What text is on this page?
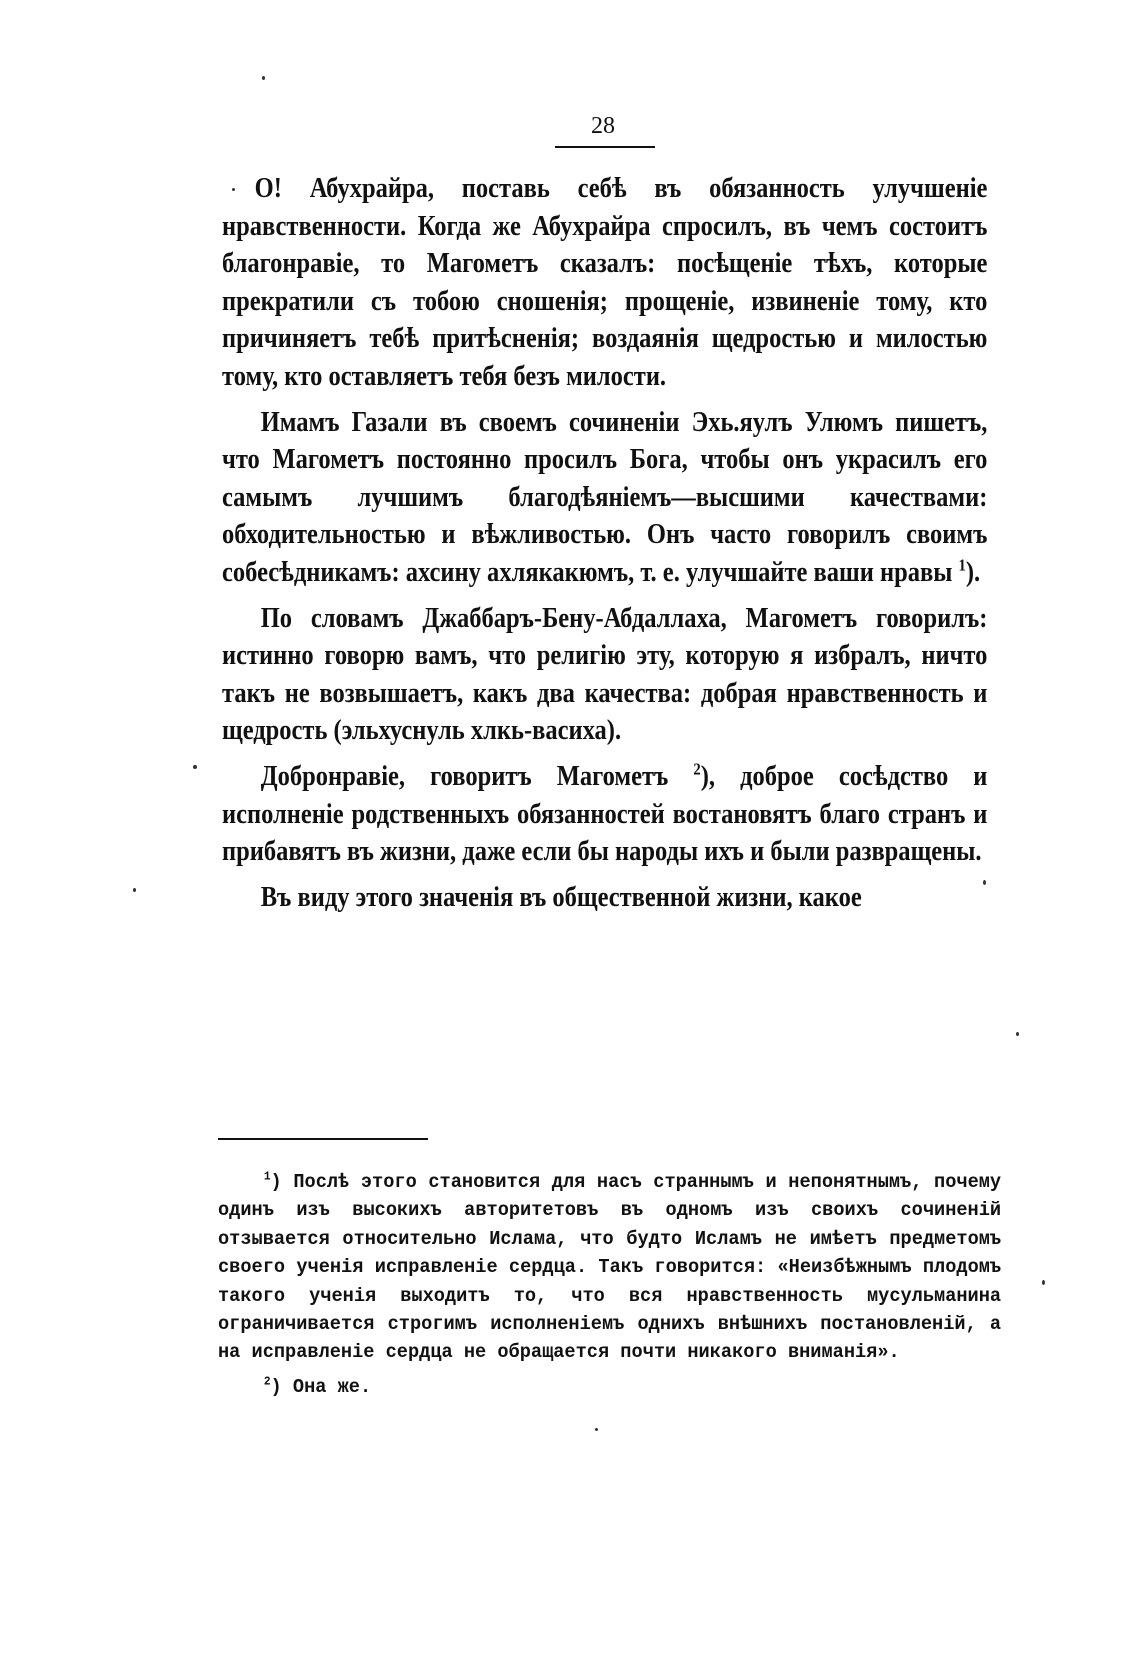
28

О! Абухрайра, поставь себѣ въ обязанность улучшеніе нравственности. Когда же Абухрайра спросилъ, въ чемъ состоитъ благонравіе, то Магометъ сказалъ: посѣщеніе тѣхъ, которые прекратили съ тобою сношенія; прощеніе, извиненіе тому, кто причиняетъ тебѣ притѣсненія; воздаянія щедростью и милостью тому, кто оставляетъ тебя безъ милости.

Имамъ Газали въ своемъ сочиненіи Эхь.яулъ Улюмъ пишетъ, что Магометъ постоянно просилъ Бога, чтобы онъ украсилъ его самымъ лучшимъ благодѣяніемъ—высшими качествами: обходительностью и вѣжливостью. Онъ часто говорилъ своимъ собесѣдникамъ: ахсину ахлякакюмъ, т. е. улучшайте ваши нравы $^1$).

По словамъ Джаббаръ-Бену-Абдаллаха, Магометъ говорилъ: истинно говорю вамъ, что религію эту, которую я избралъ, ничто такъ не возвышаетъ, какъ два качества: добрая нравственность и щедрость (эльхуснуль хлкь-васиха).

Добронравіе, говоритъ Магометъ $^2$), доброе сосѣдство и исполненіе родственныхъ обязанностей востановятъ благо странъ и прибавятъ въ жизни, даже если бы народы ихъ и были развращены.

Въ виду этого значенія въ общественной жизни, какое

$^1$) Послѣ этого становится для насъ страннымъ и непонятнымъ, почему одинъ изъ высокихъ авторитетовъ въ одномъ изъ своихъ сочиненій отзывается относительно Ислама, что будто Исламъ не имѣетъ предметомъ своего ученія исправленіе сердца. Такъ говорится: «Неизбѣжнымъ плодомъ такого ученія выходитъ то, что вся нравственность мусульманина ограничивается строгимъ исполненіемъ однихъ внѣшнихъ постановленій, а на исправленіе сердца не обращается почти никакого вниманія».

$^2$) Она же.
